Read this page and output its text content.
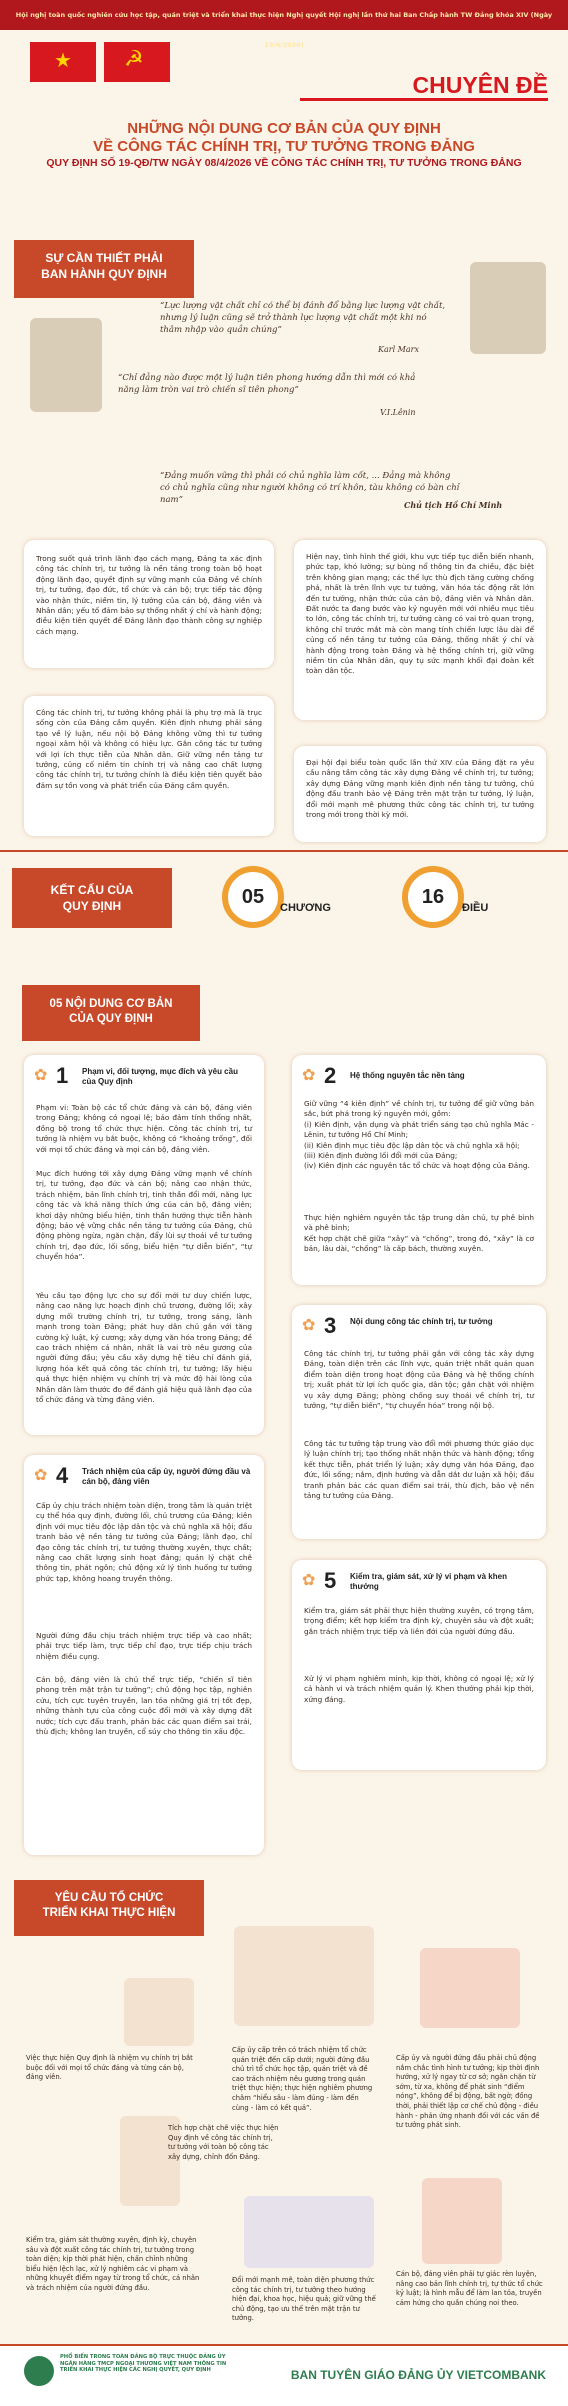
Hội nghị toàn quốc nghiên cứu học tập, quán triệt và triển khai thực hiện Nghị quyết Hội nghị lần thứ hai Ban Chấp hành TW Đảng khóa XIV (Ngày 13/4/2026)
★ ☭
CHUYÊN ĐỀ
NHỮNG NỘI DUNG CƠ BẢN CỦA QUY ĐỊNH
VỀ CÔNG TÁC CHÍNH TRỊ, TƯ TƯỞNG TRONG ĐẢNG
QUY ĐỊNH SỐ 19-QĐ/TW NGÀY 08/4/2026 VỀ CÔNG TÁC CHÍNH TRỊ, TƯ TƯỞNG TRONG ĐẢNG
SỰ CẦN THIẾT PHẢI
BAN HÀNH QUY ĐỊNH
“Lực lượng vật chất chỉ có thể bị đánh đổ bằng lực lượng vật chất, nhưng lý luận cũng sẽ trở thành lực lượng vật chất một khi nó thâm nhập vào quần chúng”
Karl Marx
“Chỉ đảng nào được một lý luận tiên phong hướng dẫn thì mới có khả năng làm tròn vai trò chiến sĩ tiên phong”
V.I.Lênin
“Đảng muốn vững thì phải có chủ nghĩa làm cốt, ... Đảng mà không có chủ nghĩa cũng như người không có trí khôn, tàu không có bàn chỉ nam”	Chủ tịch Hồ Chí Minh
Trong suốt quá trình lãnh đạo cách mạng, Đảng ta xác định công tác chính trị, tư tưởng là nền tảng trong toàn bộ hoạt động lãnh đạo, quyết định sự vững mạnh của Đảng về chính trị, tư tưởng, đạo đức, tổ chức và cán bộ; trực tiếp tác động vào nhận thức, niềm tin, lý tưởng của cán bộ, đảng viên và Nhân dân; yếu tố đảm bảo sự thống nhất ý chí và hành động; điều kiện tiên quyết để Đảng lãnh đạo thành công sự nghiệp cách mạng.
Công tác chính trị, tư tưởng không phải là phụ trợ mà là trục sống còn của Đảng cầm quyền. Kiên định nhưng phải sáng tạo về lý luận, nếu nội bộ Đảng không vững thì tư tưởng ngoại xâm hội và không có hiệu lực. Gắn công tác tư tưởng với lợi ích thực tiễn của Nhân dân. Giữ vững nền tảng tư tưởng, củng cố niềm tin chính trị và nâng cao chất lượng công tác chính trị, tư tưởng chính là điều kiện tiên quyết bảo đảm sự tồn vong và phát triển của Đảng cầm quyền.
Hiện nay, tình hình thế giới, khu vực tiếp tục diễn biến nhanh, phức tạp, khó lường; sự bùng nổ thông tin đa chiều, đặc biệt trên không gian mạng; các thế lực thù địch tăng cường chống phá, nhất là trên lĩnh vực tư tưởng, văn hóa tác động rất lớn đến tư tưởng, nhận thức của cán bộ, đảng viên và Nhân dân. Đất nước ta đang bước vào kỷ nguyên mới với nhiều mục tiêu to lớn, công tác chính trị, tư tưởng càng có vai trò quan trọng, không chỉ trước mắt mà còn mang tính chiến lược lâu dài để củng cố nền tảng tư tưởng của Đảng, thống nhất ý chí và hành động trong toàn Đảng và hệ thống chính trị, giữ vững niềm tin của Nhân dân, quy tụ sức mạnh khối đại đoàn kết toàn dân tộc.
Đại hội đại biểu toàn quốc lần thứ XIV của Đảng đặt ra yêu cầu nâng tầm công tác xây dựng Đảng về chính trị, tư tưởng; xây dựng Đảng vững mạnh kiên định nền tảng tư tưởng, chủ động đấu tranh bảo vệ Đảng trên mặt trận tư tưởng, lý luận, đổi mới mạnh mẽ phương thức công tác chính trị, tư tưởng trong mới trong thời kỳ mới.
KẾT CẤU CỦA
QUY ĐỊNH	05	CHƯƠNG	16	ĐIỀU
05 NỘI DUNG CƠ BẢN
CỦA QUY ĐỊNH
✿ 1 Phạm vi, đối tượng, mục đích và yêu cầu của Quy định
Phạm vi: Toàn bộ các tổ chức đảng và cán bộ, đảng viên trong Đảng; không có ngoại lệ; bảo đảm tính thống nhất, đồng bộ trong tổ chức thực hiện. Công tác chính trị, tư tưởng là nhiệm vụ bắt buộc, không có “khoảng trống”, đối với mọi tổ chức đảng và mọi cán bộ, đảng viên.
Mục đích hướng tới xây dựng Đảng vững mạnh về chính trị, tư tưởng, đạo đức và cán bộ; nâng cao nhận thức, trách nhiệm, bản lĩnh chính trị, tinh thần đổi mới, năng lực công tác và khả năng thích ứng của cán bộ, đảng viên; khơi dậy những biểu hiện, tinh thần hướng thực tiễn hành động; bảo vệ vững chắc nền tảng tư tưởng của Đảng, chủ động phòng ngừa, ngăn chặn, đẩy lùi sự thoái về tư tưởng chính trị, đạo đức, lối sống, biểu hiện “tự diễn biến”, “tự chuyển hóa”.
Yêu cầu tạo động lực cho sự đổi mới tư duy chiến lược, nâng cao năng lực hoạch định chủ trương, đường lối; xây dựng mối trường chính trị, tư tưởng, trong sáng, lành mạnh trong toàn Đảng; phát huy dân chủ gắn với tăng cường kỷ luật, kỷ cương; xây dựng văn hóa trong Đảng; đề cao trách nhiệm cá nhân, nhất là vai trò nêu gương của người đứng đầu; yêu cầu xây dựng hệ tiêu chí đánh giá, lượng hóa kết quả công tác chính trị, tư tưởng; lấy hiệu quả thực hiện nhiệm vụ chính trị và mức độ hài lòng của Nhân dân làm thước đo để đánh giá hiệu quả lãnh đạo của tổ chức đảng và từng đảng viên.
✿ 2 Hệ thống nguyên tắc nền tảng
Giữ vững “4 kiên định” về chính trị, tư tưởng để giữ vững bản sắc, bứt phá trong kỷ nguyên mới, gồm:
(i) Kiên định, vận dụng và phát triển sáng tạo chủ nghĩa Mác - Lênin, tư tưởng Hồ Chí Minh;
(ii) Kiên định mục tiêu độc lập dân tộc và chủ nghĩa xã hội;
(iii) Kiên định đường lối đổi mới của Đảng;
(iv) Kiên định các nguyên tắc tổ chức và hoạt động của Đảng.
Thực hiện nghiêm nguyên tắc tập trung dân chủ, tự phê bình và phê bình;
Kết hợp chặt chẽ giữa “xây” và “chống”, trong đó, “xây” là cơ bản, lâu dài, “chống” là cấp bách, thường xuyên.
✿ 3 Nội dung công tác chính trị, tư tưởng
Công tác chính trị, tư tưởng phải gắn với công tác xây dựng Đảng, toàn diện trên các lĩnh vực, quán triệt nhất quán quan điểm toàn diện trong hoạt động của Đảng và hệ thống chính trị; xuất phát từ lợi ích quốc gia, dân tộc; gắn chặt với nhiệm vụ xây dựng Đảng; phòng chống suy thoái về chính trị, tư tưởng, “tự diễn biến”, “tự chuyển hóa” trong nội bộ.
Công tác tư tưởng tập trung vào đổi mới phương thức giáo dục lý luận chính trị; tạo thống nhất nhận thức và hành động; tổng kết thực tiễn, phát triển lý luận; xây dựng văn hóa Đảng, đạo đức, lối sống; nắm, định hướng và dẫn dắt dư luận xã hội; đấu tranh phản bác các quan điểm sai trái, thù địch, bảo vệ nền tảng tư tưởng của Đảng.
✿ 4 Trách nhiệm của cấp ủy, người đứng đầu và cán bộ, đảng viên
Cấp ủy chịu trách nhiệm toàn diện, trong tâm là quán triệt cụ thể hóa quy định, đường lối, chủ trương của Đảng; kiên định với mục tiêu độc lập dân tộc và chủ nghĩa xã hội; đấu tranh bảo vệ nền tảng tư tưởng của Đảng; lãnh đạo, chỉ đạo công tác chính trị, tư tưởng thường xuyên, thực chất; nâng cao chất lượng sinh hoạt đảng; quản lý chặt chẽ thông tin, phát ngôn; chủ động xử lý tình huống tư tưởng phức tạp, không hoang truyền thông.
Người đứng đầu chịu trách nhiệm trực tiếp và cao nhất; phải trực tiếp làm, trực tiếp chỉ đạo, trực tiếp chịu trách nhiệm điều cụng.
Cán bộ, đảng viên là chủ thể trực tiếp, “chiến sĩ tiên phong trên mặt trận tư tưởng”; chủ động học tập, nghiên cứu, tích cực tuyên truyền, lan tỏa những giá trị tốt đẹp, những thành tựu của công cuộc đổi mới và xây dựng đất nước; tích cực đấu tranh, phản bác các quan điểm sai trái, thù địch; không lan truyền, cổ súy cho thông tin xấu độc.
✿ 5 Kiểm tra, giám sát, xử lý vi phạm và khen thưởng
Kiểm tra, giám sát phải thực hiện thường xuyên, có trọng tâm, trọng điểm; kết hợp kiểm tra định kỳ, chuyên sâu và đột xuất; gắn trách nhiệm trực tiếp và liên đới của người đứng đầu.
Xử lý vi phạm nghiêm minh, kịp thời, không có ngoại lệ; xử lý cả hành vi và trách nhiệm quản lý. Khen thưởng phải kịp thời, xứng đáng.
YÊU CẦU TỔ CHỨC
TRIỂN KHAI THỰC HIỆN
Việc thực hiện Quy định là nhiệm vụ chính trị bắt buộc đối với mọi tổ chức đảng và từng cán bộ, đảng viên.
Cấp ủy cấp trên có trách nhiệm tổ chức quán triệt đến cấp dưới; người đứng đầu chủ trì tổ chức học tập, quán triệt và đề cao trách nhiệm nêu gương trong quán triệt thực hiện; thực hiện nghiêm phương châm “hiểu sâu - làm đúng - làm đến cùng - làm có kết quả”.
Cấp ủy và người đứng đầu phải chủ động nắm chắc tình hình tư tưởng; kịp thời định hướng, xử lý ngay từ cơ sở; ngăn chặn từ sớm, từ xa, không để phát sinh “điểm nóng”, không để bị động, bất ngờ; đồng thời, phải thiết lập cơ chế chủ động - điều hành - phản ứng nhanh đối với các vấn đề tư tưởng phát sinh.
Tích hợp chặt chẽ việc thực hiện Quy định về công tác chính trị, tư tưởng với toàn bộ công tác xây dựng, chỉnh đốn Đảng.
Kiểm tra, giám sát thường xuyên, định kỳ, chuyên sâu và đột xuất công tác chính trị, tư tưởng trong toàn diện; kịp thời phát hiện, chấn chỉnh những biểu hiện lệch lạc, xử lý nghiêm các vi phạm và những khuyết điểm ngay từ trong tổ chức, cá nhân và trách nhiệm của người đứng đầu.
Đổi mới mạnh mẽ, toàn diện phương thức công tác chính trị, tư tưởng theo hướng hiện đại, khoa học, hiệu quả; giữ vững thế chủ động, tạo ưu thế trên mặt trận tư tưởng.
Cán bộ, đảng viên phải tự giác rèn luyện, nâng cao bản lĩnh chính trị, tự thức tổ chức kỷ luật; là hình mẫu để làm lan tỏa, truyền cảm hứng cho quần chúng noi theo.
PHỔ BIẾN TRONG TOÀN ĐẢNG BỘ TRỰC THUỘC ĐẢNG ỦY NGÂN HÀNG TMCP NGOẠI THƯƠNG VIỆT NAM THÔNG TIN TRIỂN KHAI THỰC HIỆN CÁC NGHỊ QUYẾT, QUY ĐỊNH	BAN TUYÊN GIÁO ĐẢNG ỦY VIETCOMBANK
